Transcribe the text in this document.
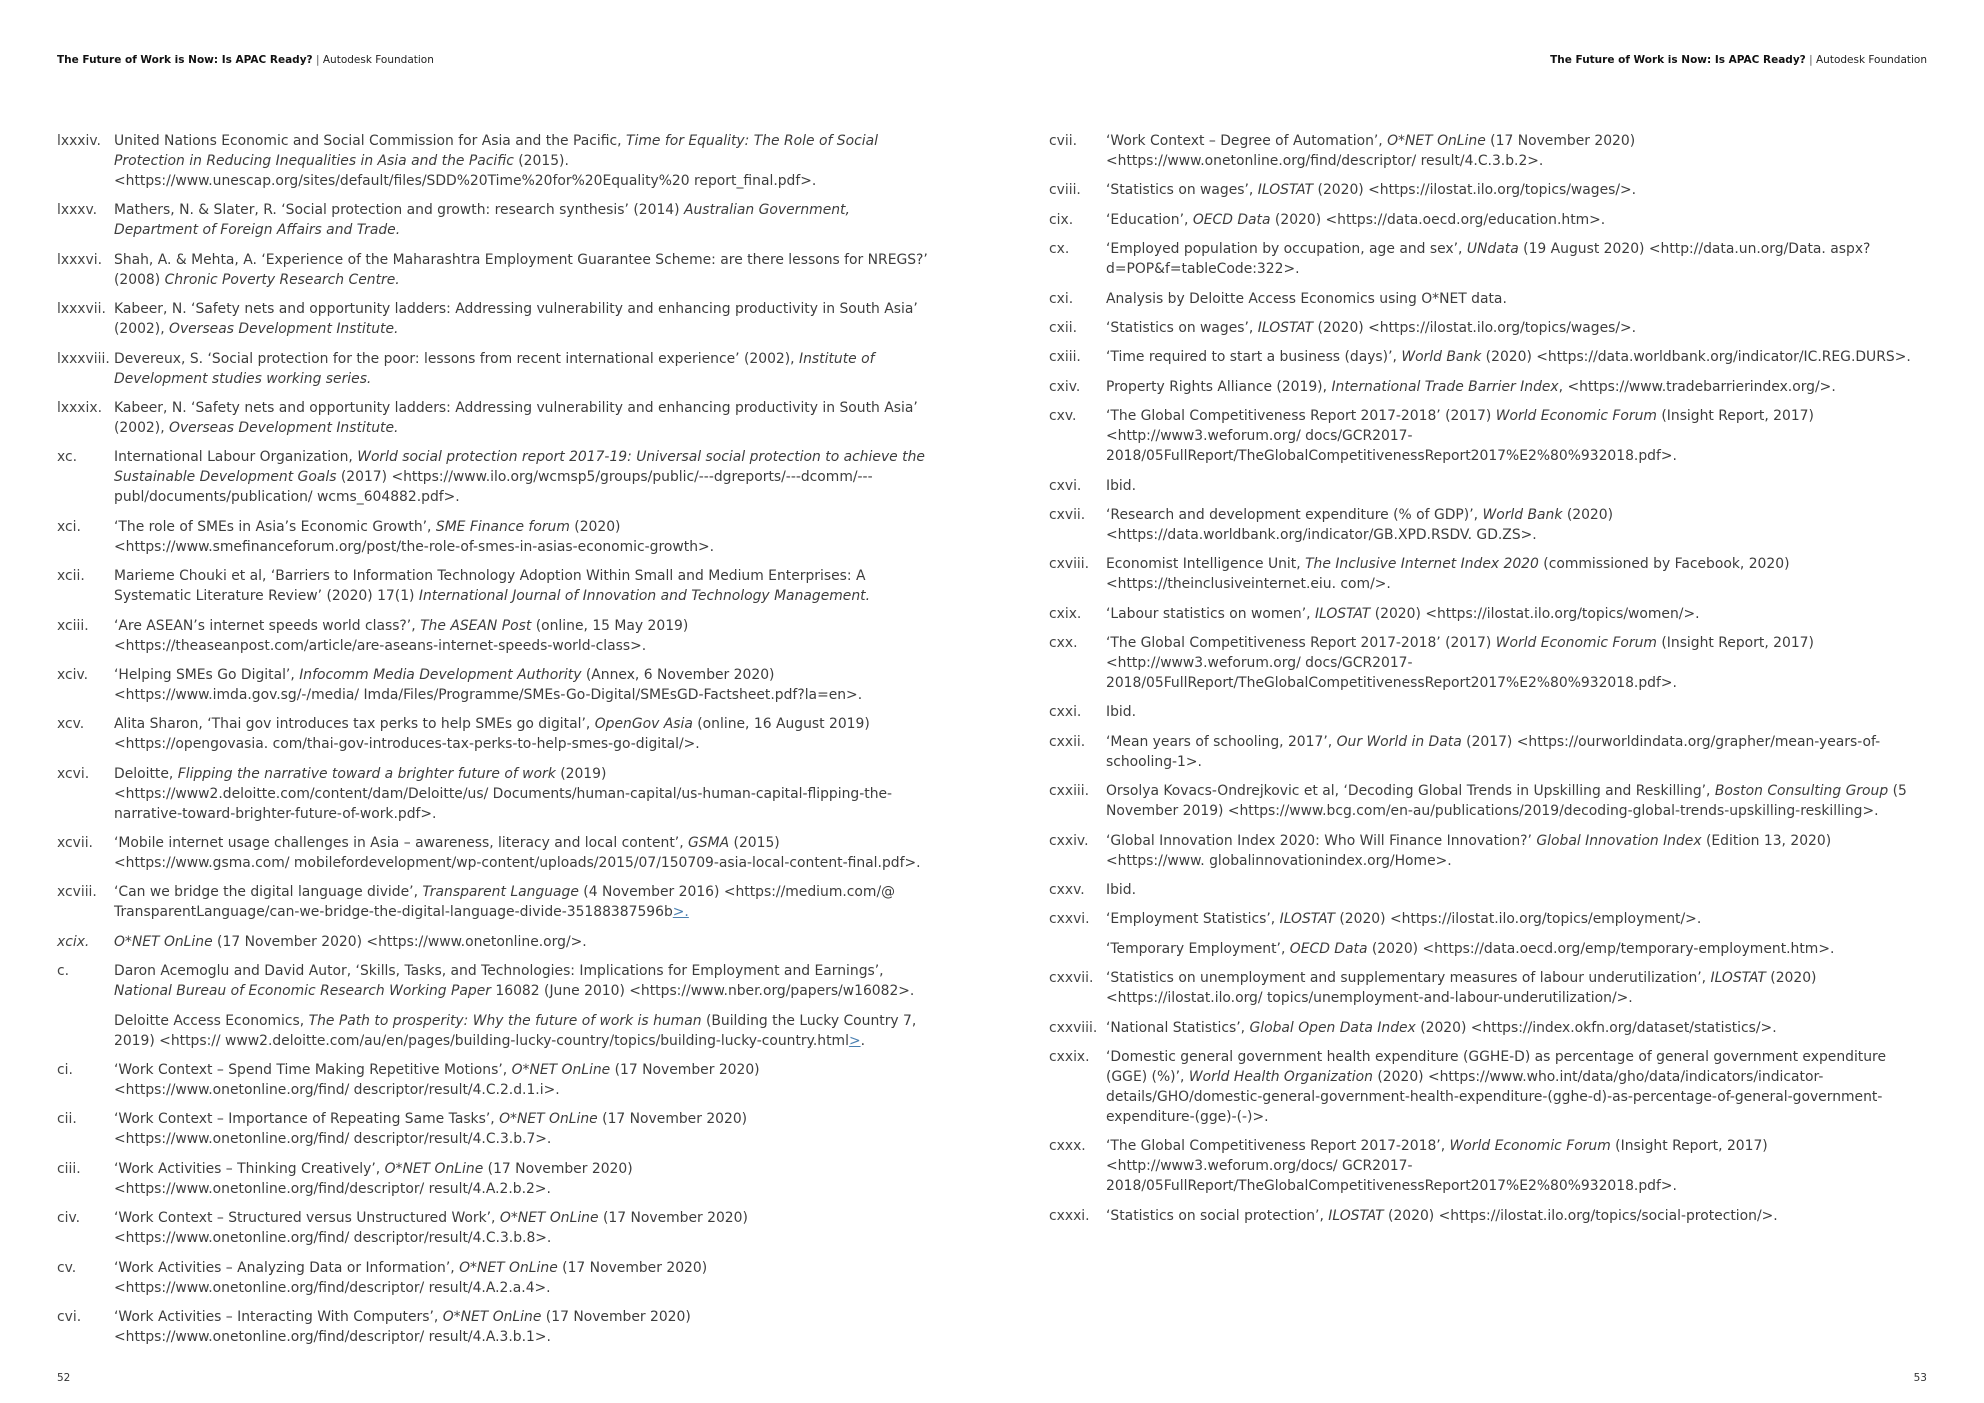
The Future of Work is Now: Is APAC Ready? | Autodesk Foundation
lxxxiv. United Nations Economic and Social Commission for Asia and the Pacific, Time for Equality: The Role of Social Protection in Reducing Inequalities in Asia and the Pacific (2015). <https://www.unescap.org/sites/default/files/SDD%20Time%20for%20Equality%20 report_final.pdf>.
lxxxv.	Mathers, N. & Slater, R. ‘Social protection and growth: research synthesis’ (2014) Australian Government, Department of Foreign Affairs and Trade.
lxxxvi. Shah, A. & Mehta, A. ‘Experience of the Maharashtra Employment Guarantee Scheme: are there lessons for NREGS?’ (2008) Chronic Poverty Research Centre.
lxxxvii. Kabeer, N. ‘Safety nets and opportunity ladders: Addressing vulnerability and enhancing productivity in South Asia’ (2002), Overseas Development Institute.
lxxxviii. Devereux, S. ‘Social protection for the poor: lessons from recent international experience’ (2002), Institute of Development studies working series.
lxxxix. Kabeer, N. ‘Safety nets and opportunity ladders: Addressing vulnerability and enhancing productivity in South Asia’ (2002), Overseas Development Institute.
xc.	International Labour Organization, World social protection report 2017-19: Universal social protection to achieve the Sustainable Development Goals (2017) <https://www.ilo.org/wcmsp5/groups/public/---dgreports/---dcomm/---publ/documents/publication/ wcms_604882.pdf>.
xci.	‘The role of SMEs in Asia’s Economic Growth’, SME Finance forum (2020) <https://www.smefinanceforum.org/post/the-role-of-smes-in-asias-economic-growth>.
xcii.	Marieme Chouki et al, ‘Barriers to Information Technology Adoption Within Small and Medium Enterprises: A Systematic Literature Review’ (2020) 17(1) International Journal of Innovation and Technology Management.
xciii.	‘Are ASEAN’s internet speeds world class?’, The ASEAN Post (online, 15 May 2019) <https://theaseanpost.com/article/are-aseans-internet-speeds-world-class>.
xciv.	‘Helping SMEs Go Digital’, Infocomm Media Development Authority (Annex, 6 November 2020) <https://www.imda.gov.sg/-/media/ Imda/Files/Programme/SMEs-Go-Digital/SMEsGD-Factsheet.pdf?la=en>.
xcv.	Alita Sharon, ‘Thai gov introduces tax perks to help SMEs go digital’, OpenGov Asia (online, 16 August 2019) <https://opengovasia. com/thai-gov-introduces-tax-perks-to-help-smes-go-digital/>.
xcvi.	Deloitte, Flipping the narrative toward a brighter future of work (2019) <https://www2.deloitte.com/content/dam/Deloitte/us/ Documents/human-capital/us-human-capital-flipping-the-narrative-toward-brighter-future-of-work.pdf>.
xcvii.	‘Mobile internet usage challenges in Asia – awareness, literacy and local content’, GSMA (2015) <https://www.gsma.com/ mobilefordevelopment/wp-content/uploads/2015/07/150709-asia-local-content-final.pdf>.
xcviii.	‘Can we bridge the digital language divide’, Transparent Language (4 November 2016) <https://medium.com/@ TransparentLanguage/can-we-bridge-the-digital-language-divide-35188387596b>.
xcix.	O*NET OnLine (17 November 2020) <https://www.onetonline.org/>.
c.	Daron Acemoglu and David Autor, ‘Skills, Tasks, and Technologies: Implications for Employment and Earnings’, National Bureau of Economic Research Working Paper 16082 (June 2010) <https://www.nber.org/papers/w16082>.
Deloitte Access Economics, The Path to prosperity: Why the future of work is human (Building the Lucky Country 7, 2019) <https:// www2.deloitte.com/au/en/pages/building-lucky-country/topics/building-lucky-country.html>.
ci.	‘Work Context – Spend Time Making Repetitive Motions’, O*NET OnLine (17 November 2020) <https://www.onetonline.org/find/ descriptor/result/4.C.2.d.1.i>.
cii.	‘Work Context – Importance of Repeating Same Tasks’, O*NET OnLine (17 November 2020) <https://www.onetonline.org/find/ descriptor/result/4.C.3.b.7>.
ciii.	‘Work Activities – Thinking Creatively’, O*NET OnLine (17 November 2020) <https://www.onetonline.org/find/descriptor/ result/4.A.2.b.2>.
civ.	‘Work Context – Structured versus Unstructured Work’, O*NET OnLine (17 November 2020) <https://www.onetonline.org/find/ descriptor/result/4.C.3.b.8>.
cv.	‘Work Activities – Analyzing Data or Information’, O*NET OnLine (17 November 2020) <https://www.onetonline.org/find/descriptor/ result/4.A.2.a.4>.
cvi.	‘Work Activities – Interacting With Computers’, O*NET OnLine (17 November 2020) <https://www.onetonline.org/find/descriptor/ result/4.A.3.b.1>.
52
The Future of Work is Now: Is APAC Ready? | Autodesk Foundation
cvii.	‘Work Context – Degree of Automation’, O*NET OnLine (17 November 2020) <https://www.onetonline.org/find/descriptor/ result/4.C.3.b.2>.
cviii.	‘Statistics on wages’, ILOSTAT (2020) <https://ilostat.ilo.org/topics/wages/>.
cix.	‘Education’, OECD Data (2020) <https://data.oecd.org/education.htm>.
cx.	‘Employed population by occupation, age and sex’, UNdata (19 August 2020) <http://data.un.org/Data. aspx?d=POP&f=tableCode:322>.
cxi.	Analysis by Deloitte Access Economics using O*NET data.
cxii.	‘Statistics on wages’, ILOSTAT (2020) <https://ilostat.ilo.org/topics/wages/>.
cxiii.	‘Time required to start a business (days)’, World Bank (2020) <https://data.worldbank.org/indicator/IC.REG.DURS>.
cxiv.	Property Rights Alliance (2019), International Trade Barrier Index, <https://www.tradebarrierindex.org/>.
cxv.	‘The Global Competitiveness Report 2017-2018’ (2017) World Economic Forum (Insight Report, 2017) <http://www3.weforum.org/ docs/GCR2017-2018/05FullReport/TheGlobalCompetitivenessReport2017%E2%80%932018.pdf>.
cxvi.	Ibid.
cxvii.	‘Research and development expenditure (% of GDP)’, World Bank (2020) <https://data.worldbank.org/indicator/GB.XPD.RSDV. GD.ZS>.
cxviii.	Economist Intelligence Unit, The Inclusive Internet Index 2020 (commissioned by Facebook, 2020) <https://theinclusiveinternet.eiu. com/>.
cxix.	‘Labour statistics on women’, ILOSTAT (2020) <https://ilostat.ilo.org/topics/women/>.
cxx.	‘The Global Competitiveness Report 2017-2018’ (2017) World Economic Forum (Insight Report, 2017) <http://www3.weforum.org/ docs/GCR2017-2018/05FullReport/TheGlobalCompetitivenessReport2017%E2%80%932018.pdf>.
cxxi.	Ibid.
cxxii.	‘Mean years of schooling, 2017’, Our World in Data (2017) <https://ourworldindata.org/grapher/mean-years-of-schooling-1>.
cxxiii.	Orsolya Kovacs-Ondrejkovic et al, ‘Decoding Global Trends in Upskilling and Reskilling’, Boston Consulting Group (5 November 2019) <https://www.bcg.com/en-au/publications/2019/decoding-global-trends-upskilling-reskilling>.
cxxiv.	‘Global Innovation Index 2020: Who Will Finance Innovation?’ Global Innovation Index (Edition 13, 2020) <https://www. globalinnovationindex.org/Home>.
cxxv.	Ibid.
cxxvi.	‘Employment Statistics’, ILOSTAT (2020) <https://ilostat.ilo.org/topics/employment/>.
‘Temporary Employment’, OECD Data (2020) <https://data.oecd.org/emp/temporary-employment.htm>.
cxxvii. ‘Statistics on unemployment and supplementary measures of labour underutilization’, ILOSTAT (2020) <https://ilostat.ilo.org/ topics/unemployment-and-labour-underutilization/>.
cxxviii. ‘National Statistics’, Global Open Data Index (2020) <https://index.okfn.org/dataset/statistics/>.
cxxix.	‘Domestic general government health expenditure (GGHE-D) as percentage of general government expenditure (GGE) (%)’, World Health Organization (2020) <https://www.who.int/data/gho/data/indicators/indicator-details/GHO/domestic-general-government-health-expenditure-(gghe-d)-as-percentage-of-general-government-expenditure-(gge)-(-)>.
cxxx.	‘The Global Competitiveness Report 2017-2018’, World Economic Forum (Insight Report, 2017) <http://www3.weforum.org/docs/ GCR2017-2018/05FullReport/TheGlobalCompetitivenessReport2017%E2%80%932018.pdf>.
cxxxi.	‘Statistics on social protection’, ILOSTAT (2020) <https://ilostat.ilo.org/topics/social-protection/>.
53
